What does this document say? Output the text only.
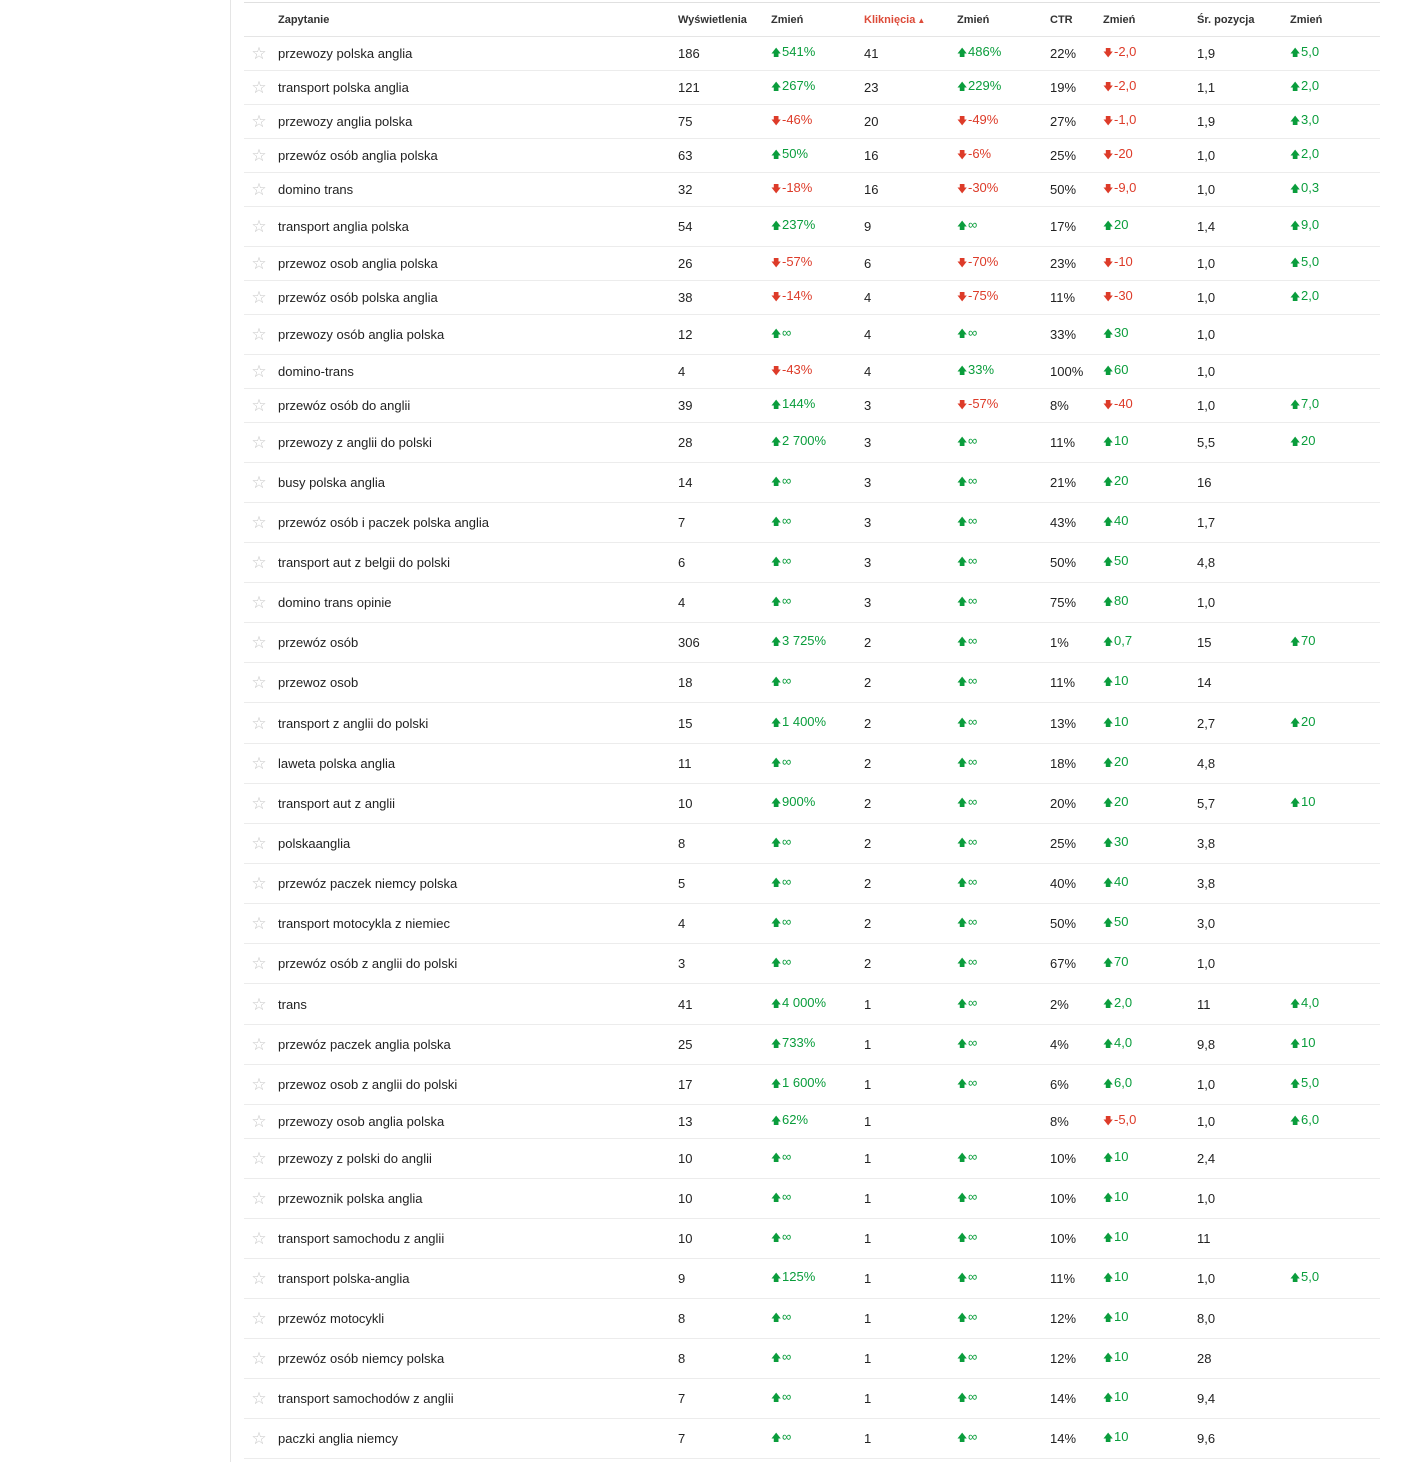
	Zapytanie	Wyświetlenia	Zmień	Kliknięcia ▲	Zmień	CTR	Zmień	Śr. pozycja	Zmień
☆	przewozy polska anglia	186	🡅541%	41	🡅486%	22%	🡇-2,0	1,9	🡅5,0
☆	transport polska anglia	121	🡅267%	23	🡅229%	19%	🡇-2,0	1,1	🡅2,0
☆	przewozy anglia polska	75	🡇-46%	20	🡇-49%	27%	🡇-1,0	1,9	🡅3,0
☆	przewóz osób anglia polska	63	🡅50%	16	🡇-6%	25%	🡇-20	1,0	🡅2,0
☆	domino trans	32	🡇-18%	16	🡇-30%	50%	🡇-9,0	1,0	🡅0,3
☆	transport anglia polska	54	🡅237%	9	🡅∞	17%	🡅20	1,4	🡅9,0
☆	przewoz osob anglia polska	26	🡇-57%	6	🡇-70%	23%	🡇-10	1,0	🡅5,0
☆	przewóz osób polska anglia	38	🡇-14%	4	🡇-75%	11%	🡇-30	1,0	🡅2,0
☆	przewozy osób anglia polska	12	🡅∞	4	🡅∞	33%	🡅30	1,0	
☆	domino-trans	4	🡇-43%	4	🡅33%	100%	🡅60	1,0	
☆	przewóz osób do anglii	39	🡅144%	3	🡇-57%	8%	🡇-40	1,0	🡅7,0
☆	przewozy z anglii do polski	28	🡅2 700%	3	🡅∞	11%	🡅10	5,5	🡅20
☆	busy polska anglia	14	🡅∞	3	🡅∞	21%	🡅20	16	
☆	przewóz osób i paczek polska anglia	7	🡅∞	3	🡅∞	43%	🡅40	1,7	
☆	transport aut z belgii do polski	6	🡅∞	3	🡅∞	50%	🡅50	4,8	
☆	domino trans opinie	4	🡅∞	3	🡅∞	75%	🡅80	1,0	
☆	przewóz osób	306	🡅3 725%	2	🡅∞	1%	🡅0,7	15	🡅70
☆	przewoz osob	18	🡅∞	2	🡅∞	11%	🡅10	14	
☆	transport z anglii do polski	15	🡅1 400%	2	🡅∞	13%	🡅10	2,7	🡅20
☆	laweta polska anglia	11	🡅∞	2	🡅∞	18%	🡅20	4,8	
☆	transport aut z anglii	10	🡅900%	2	🡅∞	20%	🡅20	5,7	🡅10
☆	polskaanglia	8	🡅∞	2	🡅∞	25%	🡅30	3,8	
☆	przewóz paczek niemcy polska	5	🡅∞	2	🡅∞	40%	🡅40	3,8	
☆	transport motocykla z niemiec	4	🡅∞	2	🡅∞	50%	🡅50	3,0	
☆	przewóz osób z anglii do polski	3	🡅∞	2	🡅∞	67%	🡅70	1,0	
☆	trans	41	🡅4 000%	1	🡅∞	2%	🡅2,0	11	🡅4,0
☆	przewóz paczek anglia polska	25	🡅733%	1	🡅∞	4%	🡅4,0	9,8	🡅10
☆	przewoz osob z anglii do polski	17	🡅1 600%	1	🡅∞	6%	🡅6,0	1,0	🡅5,0
☆	przewozy osob anglia polska	13	🡅62%	1		8%	🡇-5,0	1,0	🡅6,0
☆	przewozy z polski do anglii	10	🡅∞	1	🡅∞	10%	🡅10	2,4	
☆	przewoznik polska anglia	10	🡅∞	1	🡅∞	10%	🡅10	1,0	
☆	transport samochodu z anglii	10	🡅∞	1	🡅∞	10%	🡅10	11	
☆	transport polska-anglia	9	🡅125%	1	🡅∞	11%	🡅10	1,0	🡅5,0
☆	przewóz motocykli	8	🡅∞	1	🡅∞	12%	🡅10	8,0	
☆	przewóz osób niemcy polska	8	🡅∞	1	🡅∞	12%	🡅10	28	
☆	transport samochodów z anglii	7	🡅∞	1	🡅∞	14%	🡅10	9,4	
☆	paczki anglia niemcy	7	🡅∞	1	🡅∞	14%	🡅10	9,6	
